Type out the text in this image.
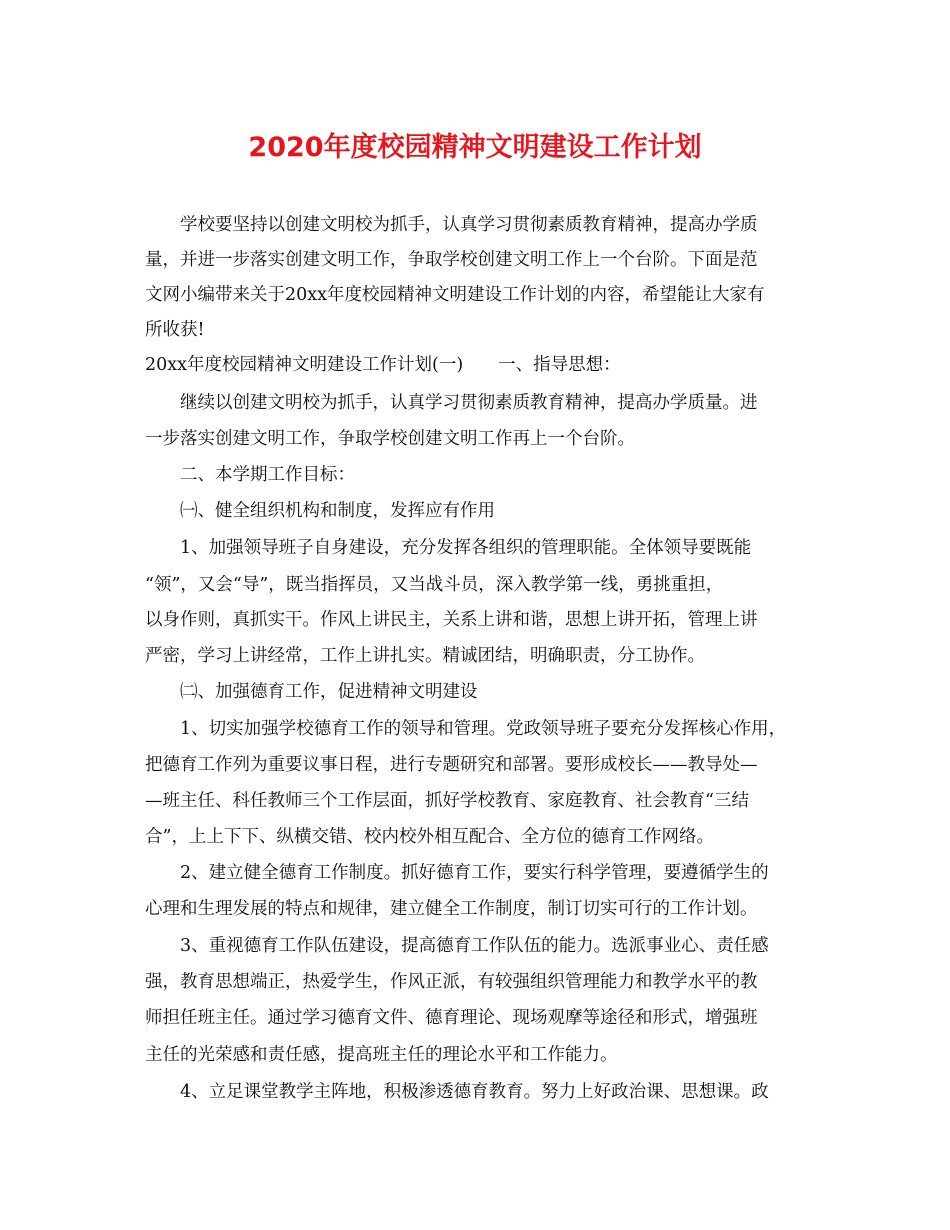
2020年度校园精神文明建设工作计划
学校要坚持以创建文明校为抓手，认真学习贯彻素质教育精神，提高办学质
量，并进一步落实创建文明工作，争取学校创建文明工作上一个台阶。下面是范
文网小编带来关于20xx年度校园精神文明建设工作计划的内容，希望能让大家有
所收获!
20xx年度校园精神文明建设工作计划(一)　　一、指导思想：
继续以创建文明校为抓手，认真学习贯彻素质教育精神，提高办学质量。进
一步落实创建文明工作，争取学校创建文明工作再上一个台阶。
二、本学期工作目标：
㈠、健全组织机构和制度，发挥应有作用
1、加强领导班子自身建设，充分发挥各组织的管理职能。全体领导要既能
“领”，又会“导”，既当指挥员，又当战斗员，深入教学第一线，勇挑重担，
以身作则，真抓实干。作风上讲民主，关系上讲和谐，思想上讲开拓，管理上讲
严密，学习上讲经常，工作上讲扎实。精诚团结，明确职责，分工协作。
㈡、加强德育工作，促进精神文明建设
1、切实加强学校德育工作的领导和管理。党政领导班子要充分发挥核心作用，
把德育工作列为重要议事日程，进行专题研究和部署。要形成校长——教导处—
—班主任、科任教师三个工作层面，抓好学校教育、家庭教育、社会教育“三结
合”，上上下下、纵横交错、校内校外相互配合、全方位的德育工作网络。
2、建立健全德育工作制度。抓好德育工作，要实行科学管理，要遵循学生的
心理和生理发展的特点和规律，建立健全工作制度，制订切实可行的工作计划。
3、重视德育工作队伍建设，提高德育工作队伍的能力。选派事业心、责任感
强，教育思想端正，热爱学生，作风正派，有较强组织管理能力和教学水平的教
师担任班主任。通过学习德育文件、德育理论、现场观摩等途径和形式，增强班
主任的光荣感和责任感，提高班主任的理论水平和工作能力。
4、立足课堂教学主阵地，积极渗透德育教育。努力上好政治课、思想课。政
